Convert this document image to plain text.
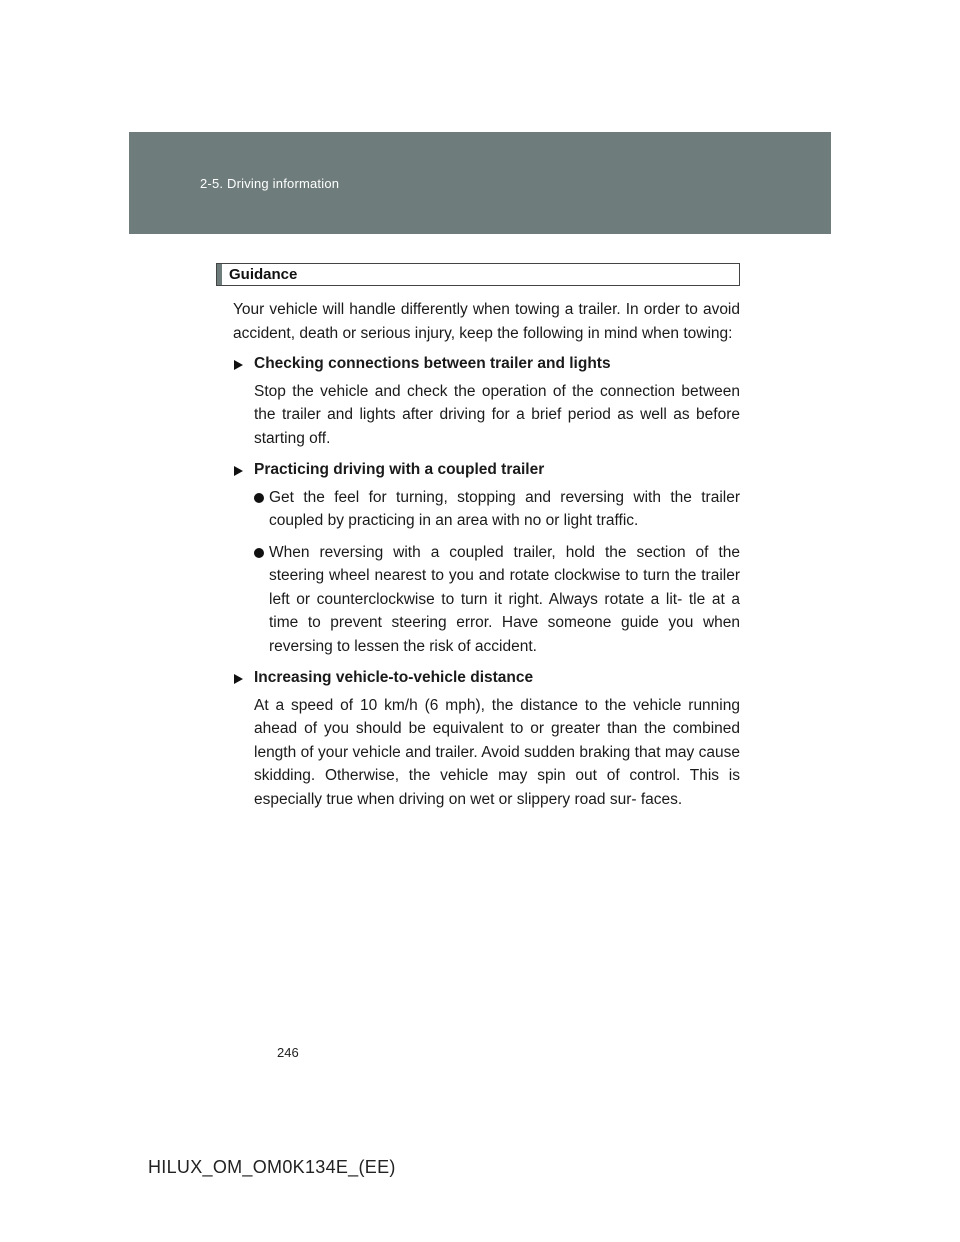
2-5. Driving information
Guidance

Your vehicle will handle differently when towing a trailer. In order to avoid accident, death or serious injury, keep the following in mind when towing:

Checking connections between trailer and lights
Stop the vehicle and check the operation of the connection between the trailer and lights after driving for a brief period as well as before starting off.
Practicing driving with a coupled trailer
Get the feel for turning, stopping and reversing with the trailer coupled by practicing in an area with no or light traffic.
When reversing with a coupled trailer, hold the section of the steering wheel nearest to you and rotate clockwise to turn the trailer left or counterclockwise to turn it right. Always rotate a lit- tle at a time to prevent steering error. Have someone guide you when reversing to lessen the risk of accident.
Increasing vehicle-to-vehicle distance
At a speed of 10 km/h (6 mph), the distance to the vehicle running ahead of you should be equivalent to or greater than the combined length of your vehicle and trailer. Avoid sudden braking that may cause skidding. Otherwise, the vehicle may spin out of control. This is especially true when driving on wet or slippery road sur- faces.
246
HILUX_OM_OM0K134E_(EE)
